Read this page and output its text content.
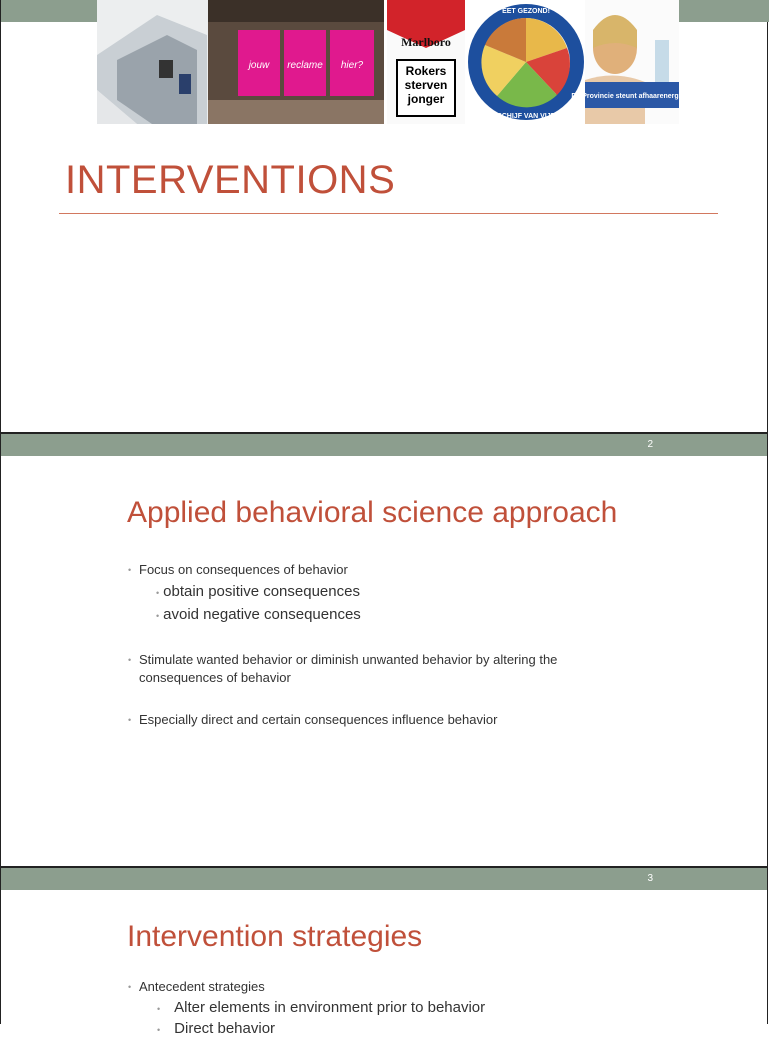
jouw reclame hier?
Marlboro
Rokers sterven jonger
EET GEZOND!
SCHIJF VAN VIJF
De Provincie steunt afhaarenergie.nl
INTERVENTIONS
2
Applied behavioral science approach
• Focus on consequences of behavior
• obtain positive consequences
• avoid negative consequences
• Stimulate wanted behavior or diminish unwanted behavior by altering the
consequences of behavior
• Especially direct and certain consequences influence behavior
3
Intervention strategies
• Antecedent strategies
• Alter elements in environment prior to behavior
• Direct behavior
